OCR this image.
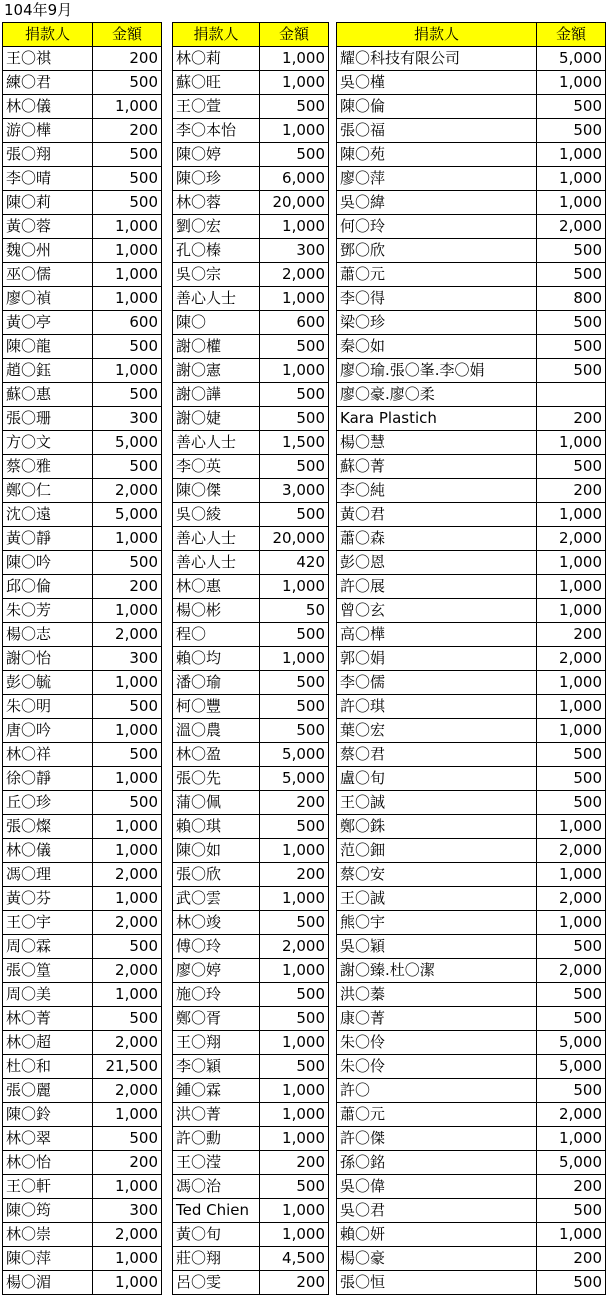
104年9月
捐款人	金額
王〇祺	200
練〇君	500
林〇儀	1,000
游〇樺	200
張〇翔	500
李〇晴	500
陳〇莉	500
黃〇蓉	1,000
魏〇州	1,000
巫〇儒	1,000
廖〇禎	1,000
黃〇亭	600
陳〇龍	500
趙〇鈺	1,000
蘇〇惠	500
張〇珊	300
方〇文	5,000
蔡〇雅	500
鄭〇仁	2,000
沈〇遠	5,000
黃〇靜	1,000
陳〇吟	500
邱〇倫	200
朱〇芳	1,000
楊〇志	2,000
謝〇怡	300
彭〇毓	1,000
朱〇明	500
唐〇吟	1,000
林〇祥	500
徐〇靜	1,000
丘〇珍	500
張〇燦	1,000
林〇儀	1,000
馮〇理	2,000
黃〇芬	1,000
王〇宇	2,000
周〇霖	500
張〇篁	2,000
周〇美	1,000
林〇菁	500
林〇超	2,000
杜〇和	21,500
張〇麗	2,000
陳〇鈴	1,000
林〇翠	500
林〇怡	200
王〇軒	1,000
陳〇筠	300
林〇崇	2,000
陳〇萍	1,000
楊〇湄	1,000
捐款人	金額
林〇莉	1,000
蘇〇旺	1,000
王〇萱	500
李〇本怡	1,000
陳〇婷	500
陳〇珍	6,000
林〇蓉	20,000
劉〇宏	1,000
孔〇榛	300
吳〇宗	2,000
善心人士	1,000
陳〇	600
謝〇權	500
謝〇憲	1,000
謝〇譁	500
謝〇婕	500
善心人士	1,500
李〇英	500
陳〇傑	3,000
吳〇綾	500
善心人士	20,000
善心人士	420
林〇惠	1,000
楊〇彬	50
程〇	500
賴〇均	1,000
潘〇瑜	500
柯〇豐	500
溫〇農	500
林〇盈	5,000
張〇先	5,000
蒲〇佩	200
賴〇琪	500
陳〇如	1,000
張〇欣	200
武〇雲	1,000
林〇竣	500
傅〇玲	2,000
廖〇婷	1,000
施〇玲	500
鄭〇胥	500
王〇翔	1,000
李〇穎	500
鍾〇霖	1,000
洪〇菁	1,000
許〇勳	1,000
王〇滢	200
馮〇治	500
Ted Chien	1,000
黃〇旬	1,000
莊〇翔	4,500
呂〇雯	200
捐款人	金額
耀〇科技有限公司	5,000
吳〇槿	1,000
陳〇倫	500
張〇福	500
陳〇苑	1,000
廖〇萍	1,000
吳〇緯	1,000
何〇玲	2,000
鄧〇欣	500
蕭〇元	500
李〇得	800
梁〇珍	500
秦〇如	500
廖〇瑜.張〇峯.李〇娟	500
廖〇豪.廖〇柔	
Kara Plastich	200
楊〇慧	1,000
蘇〇菁	500
李〇純	200
黃〇君	1,000
蕭〇森	2,000
彭〇恩	1,000
許〇展	1,000
曾〇玄	1,000
高〇樺	200
郭〇娟	2,000
李〇儒	1,000
許〇琪	1,000
葉〇宏	1,000
蔡〇君	500
盧〇旬	500
王〇誠	500
鄭〇銖	1,000
范〇鈿	2,000
蔡〇安	1,000
王〇誠	2,000
熊〇宇	1,000
吳〇穎	500
謝〇臻.杜〇潔	2,000
洪〇蓁	500
康〇菁	500
朱〇伶	5,000
朱〇伶	5,000
許〇	500
蕭〇元	2,000
許〇傑	1,000
孫〇銘	5,000
吳〇偉	200
吳〇君	500
賴〇妍	1,000
楊〇豪	200
張〇恒	500
